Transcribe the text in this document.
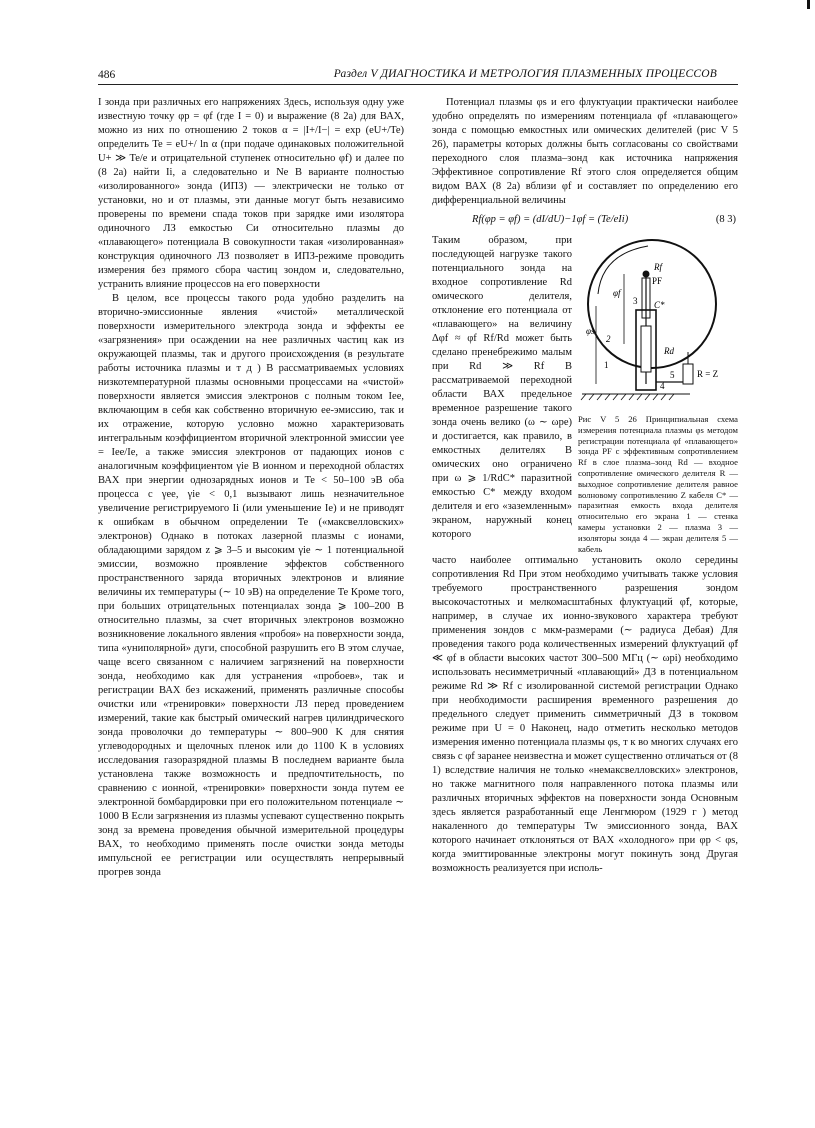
486	Раздел V ДИАГНОСТИКА И МЕТРОЛОГИЯ ПЛАЗМЕННЫХ ПРОЦЕССОВ

I зонда при различных его напряжениях Здесь, используя одну уже известную точку φp = φf (где I = 0) и выражение (8 2а) для ВАХ, можно из них по отношению 2 токов α = |I+/I−| = exp (eU+/Te) определить Te = eU+/ ln α (при подаче одинаковых положительной U+ ≫ Te/e и отрицательной ступенек относительно φf) и далее по (8 2а) найти Ii, а следовательно и Ne В варианте полностью «изолированного» зонда (ИПЗ) — электрически не только от установки, но и от плазмы, эти данные могут быть независимо проверены по времени спада токов при зарядке ими изолятора одиночного ЛЗ емкостью Cи относительно плазмы до «плавающего» потенциала В совокупности такая «изолированная» конструкция одиночного ЛЗ позволяет в ИПЗ-режиме проводить измерения без прямого сбора частиц зондом и, следовательно, устранить влияние процессов на его поверхности

В целом, все процессы такого рода удобно разделить на вторично-эмиссионные явления «чистой» металлической поверхности измерительного электрода зонда и эффекты ее «загрязнения» при осаждении на нее различных частиц как из окружающей плазмы, так и другого происхождения (в результате работы источника плазмы и т д ) В рассматриваемых условиях низкотемпературной плазмы основными процессами на «чистой» поверхности является эмиссия электронов с полным током Iee, включающим в себя как собственно вторичную ее-эмиссию, так и их отражение, которую условно можно характеризовать интегральным коэффициентом вторичной электронной эмиссии γee = Iee/Ie, а также эмиссия электронов от падающих ионов с аналогичным коэффициентом γie В ионном и переходной областях ВАХ при энергии однозарядных ионов и Te < 50–100 эВ оба процесса с γee, γie < 0,1 вызывают лишь незначительное увеличение регистрируемого Ii (или уменьшение Ie) и не приводят к ошибкам в обычном определении Te («максвелловских» электронов) Однако в потоках лазерной плазмы с ионами, обладающими зарядом z ⩾ 3–5 и высоким γie ∼ 1 потенциальной эмиссии, возможно проявление эффектов собственного пространственного заряда вторичных электронов и влияние величины их температуры (∼ 10 эВ) на определение Te Кроме того, при больших отрицательных потенциалах зонда ⩾ 100–200 В относительно плазмы, за счет вторичных электронов возможно возникновение локального явления «пробоя» на поверхности зонда, типа «униполярной» дуги, способной разрушить его В этом случае, чаще всего связанном с наличием загрязнений на поверхности зонда, необходимо как для устранения «пробоев», так и регистрации ВАХ без искажений, применять различные способы очистки или «тренировки» поверхности ЛЗ перед проведением измерений, такие как быстрый омический нагрев цилиндрического зонда проволочки до температуры ∼ 800–900 K для снятия углеводородных и щелочных пленок или до 1100 K в условиях исследования газоразрядной плазмы В последнем варианте была установлена также возможность и предпочтительность, по сравнению с ионной, «тренировки» поверхности зонда путем ее электронной бомбардировки при его положительном потенциале ∼ 1000 В Если загрязнения из плазмы успевают существенно покрыть зонд за времена проведения обычной измерительной процедуры ВАХ, то необходимо применять после очистки зонда методы импульсной ее регистрации или осуществлять непрерывный прогрев зонда

Потенциал плазмы φs и его флуктуации практически наиболее удобно определять по измерениям потенциала φf «плавающего» зонда с помощью емкостных или омических делителей (рис V 5 26), параметры которых должны быть согласованы со свойствами переходного слоя плазма–зонд как источника напряжения Эффективное сопротивление Rf этого слоя определяется общим видом ВАХ (8 2а) вблизи φf и составляет по определению его дифференциальной величины

Rf(φp = φf) = (dI/dU)−1φf = (Te/eIi)	(8 3)
φs
φf
Rf
PF
C*
Rd
R = Z
1
2
3
4
5
Рис V 5 26 Принципиальная схема измерения потенциала плазмы φs методом регистрации потенциала φf «плавающего» зонда PF с эффективным сопротивлением Rf в слое плазма–зонд Rd — входное сопротивление омического делителя R — выходное сопротивление делителя равное волновому сопротивлению Z кабеля C* — паразитная емкость входа делителя относительно его экрана 1 — стенка камеры установки 2 — плазма 3 — изоляторы зонда 4 — экран делителя 5 — кабель

Таким образом, при последующей нагрузке такого потенциального зонда на входное сопротивление Rd омического делителя, отклонение его потенциала от «плавающего» на величину Δφf ≈ φf Rf/Rd может быть сделано пренебрежимо малым при Rd ≫ Rf В рассматриваемой переходной области ВАХ предельное временное разрешение такого зонда очень велико (ω ∼ ωpe) и достигается, как правило, в емкостных делителях В омических оно ограничено при ω ⩾ 1/RdC* паразитной емкостью C* между входом делителя и его «заземленным» экраном, наружный конец которого

часто наиболее оптимально установить около середины сопротивления Rd При этом необходимо учитывать также условия требуемого пространственного разрешения зондом высокочастотных и мелкомасштабных флуктуаций φ̃f, которые, например, в случае их ионно-звукового характера требуют применения зондов с мкм-размерами (∼ радиуса Дебая) Для проведения такого рода количественных измерений флуктуаций φ̃f ≪ φf в области высоких частот 300–500 МГц (∼ ωpi) необходимо использовать несимметричный «плавающий» ДЗ в потенциальном режиме Rd ≫ Rf с изолированной системой регистрации Однако при необходимости расширения временного разрешения до предельного следует применить симметричный ДЗ в токовом режиме при U = 0 Наконец, надо отметить несколько методов измерения именно потенциала плазмы φs, т к во многих случаях его связь с φf заранее неизвестна и может существенно отличаться от (8 1) вследствие наличия не только «немаксвелловских» электронов, но также магнитного поля направленного потока плазмы или различных вторичных эффектов на поверхности зонда Основным здесь является разработанный еще Ленгмюром (1929 г ) метод накаленного до температуры Tw эмиссионного зонда, ВАХ которого начинает отклоняться от ВАХ «холодного» при φp < φs, когда эмиттированные электроны могут покинуть зонд Другая возможность реализуется при исполь-
